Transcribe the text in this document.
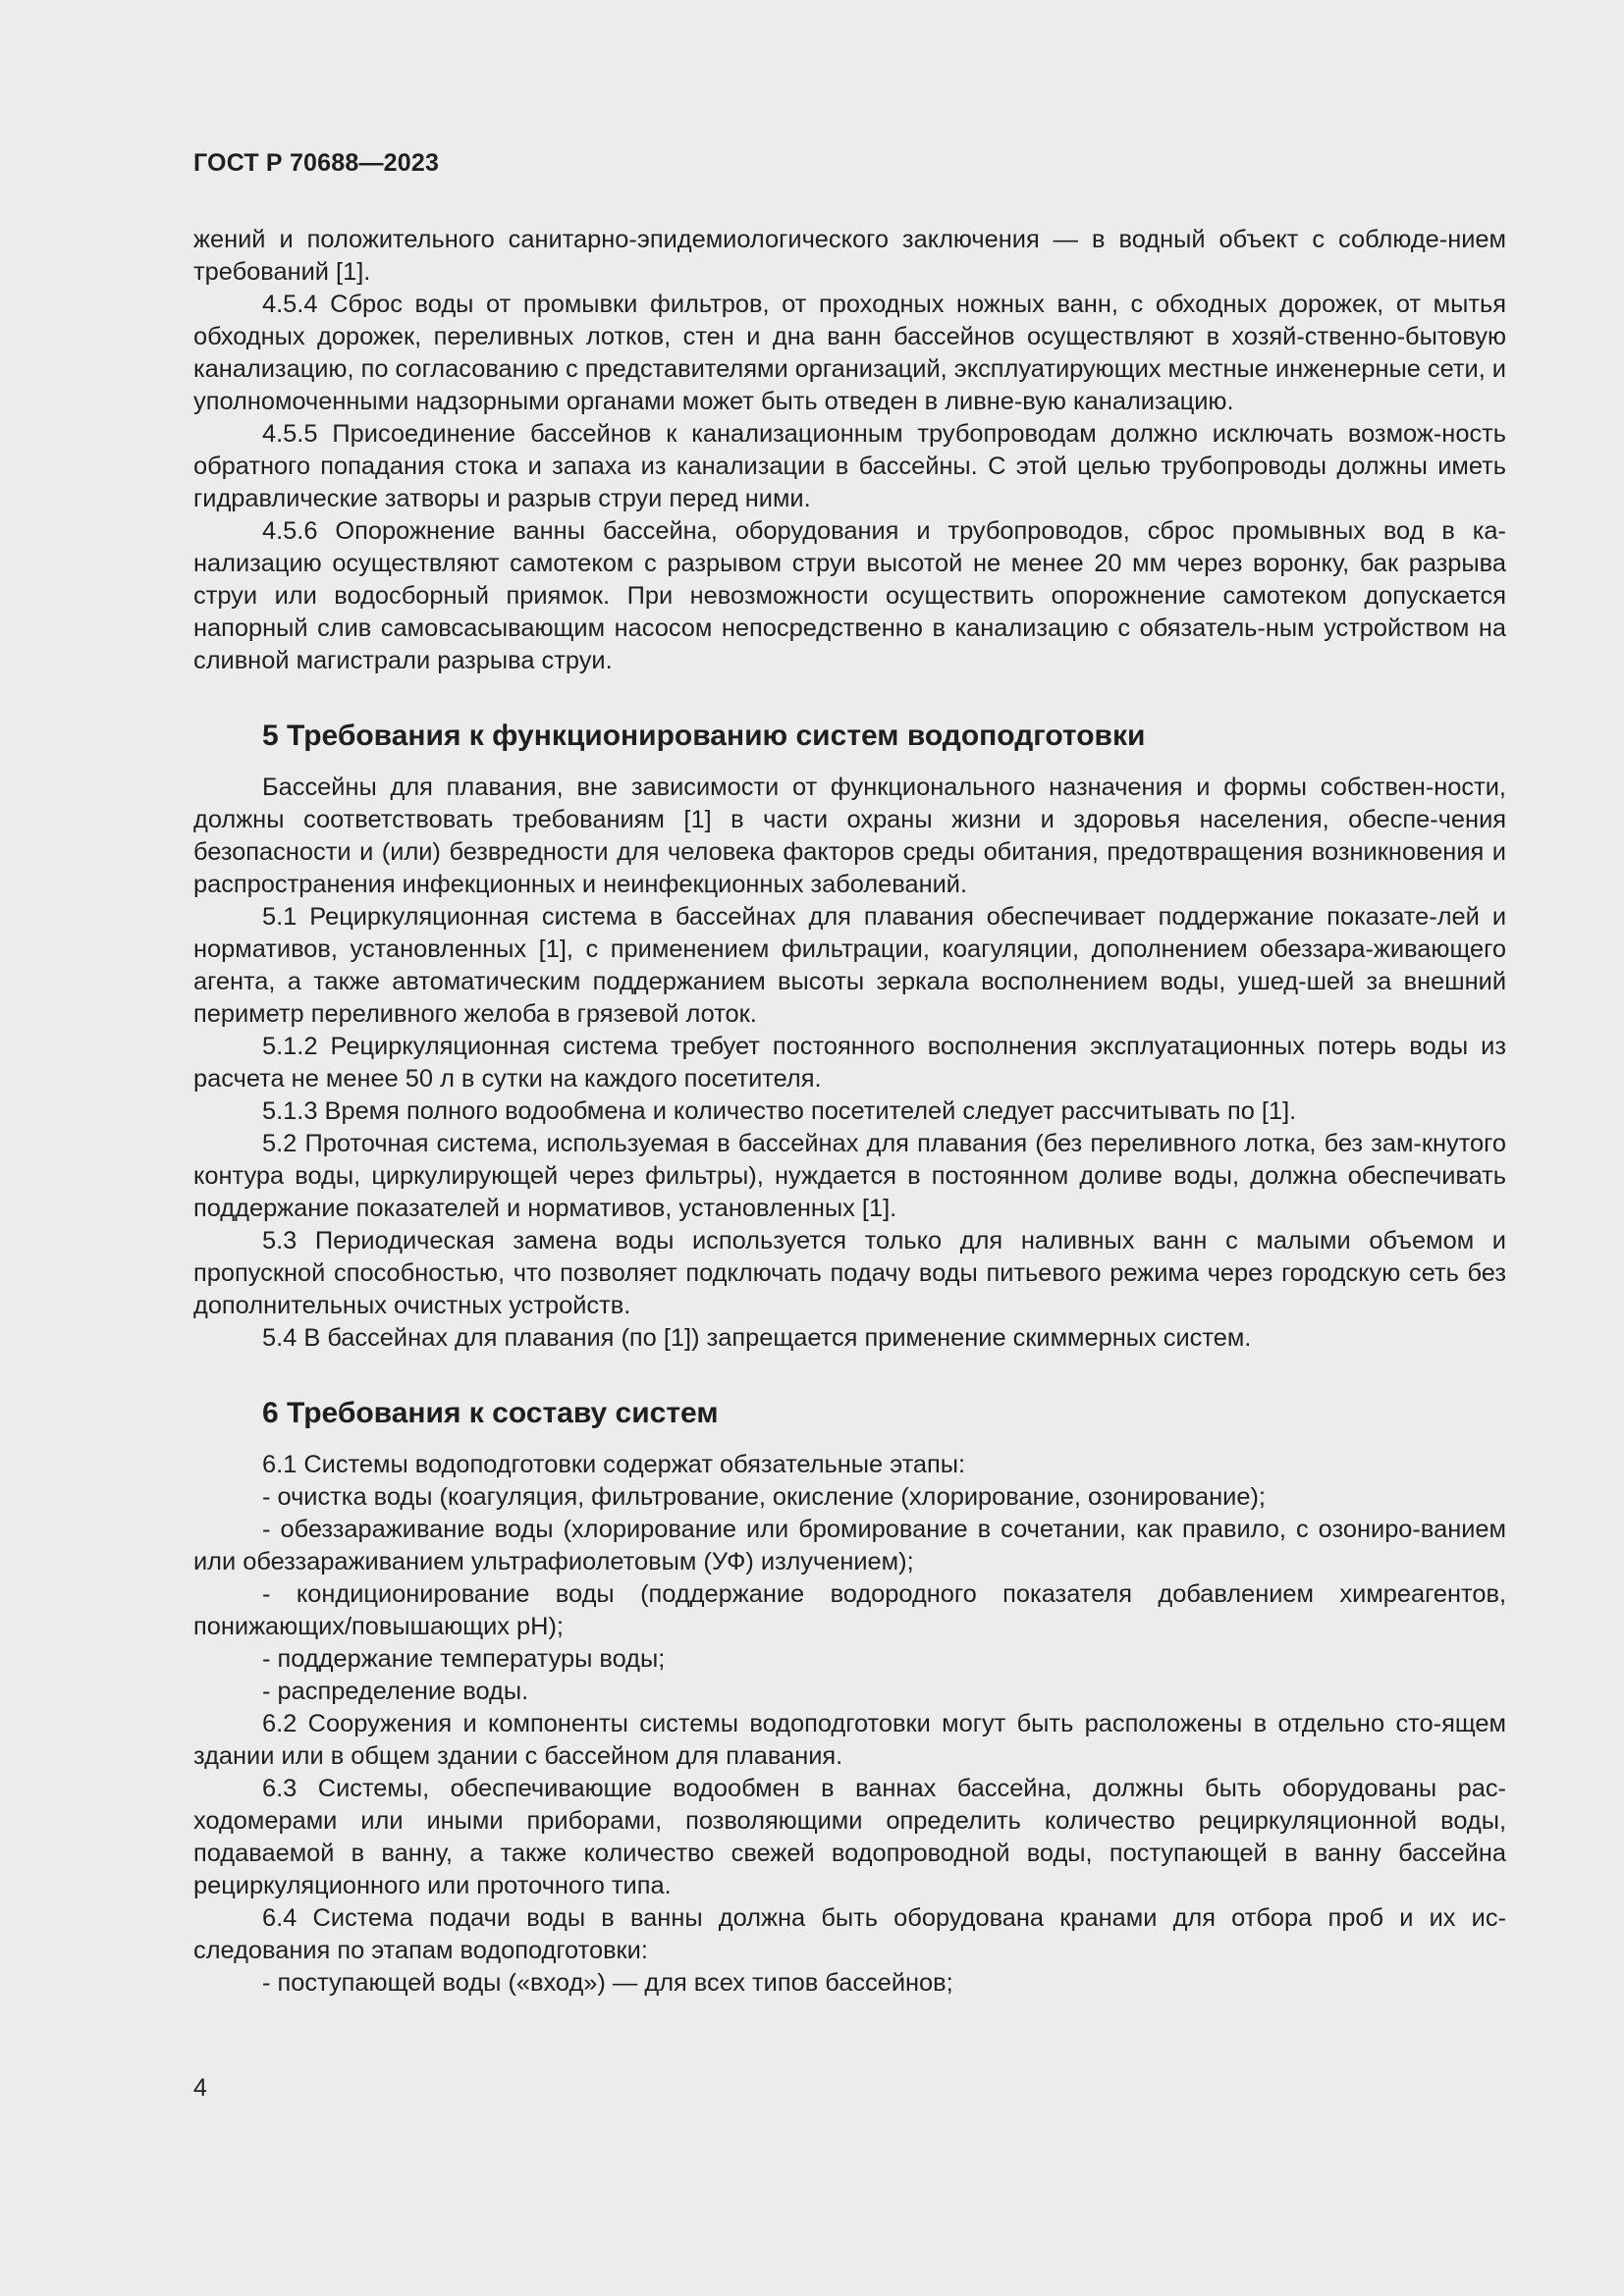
ГОСТ Р 70688—2023

жений и положительного санитарно-эпидемиологического заключения — в водный объект с соблюде-нием требований [1].

4.5.4 Сброс воды от промывки фильтров, от проходных ножных ванн, с обходных дорожек, от мытья обходных дорожек, переливных лотков, стен и дна ванн бассейнов осуществляют в хозяй-ственно-бытовую канализацию, по согласованию с представителями организаций, эксплуатирующих местные инженерные сети, и уполномоченными надзорными органами может быть отведен в ливне-вую канализацию.

4.5.5 Присоединение бассейнов к канализационным трубопроводам должно исключать возмож-ность обратного попадания стока и запаха из канализации в бассейны. С этой целью трубопроводы должны иметь гидравлические затворы и разрыв струи перед ними.

4.5.6 Опорожнение ванны бассейна, оборудования и трубопроводов, сброс промывных вод в ка-нализацию осуществляют самотеком с разрывом струи высотой не менее 20 мм через воронку, бак разрыва струи или водосборный приямок. При невозможности осуществить опорожнение самотеком допускается напорный слив самовсасывающим насосом непосредственно в канализацию с обязатель-ным устройством на сливной магистрали разрыва струи.

5 Требования к функционированию систем водоподготовки

Бассейны для плавания, вне зависимости от функционального назначения и формы собствен-ности, должны соответствовать требованиям [1] в части охраны жизни и здоровья населения, обеспе-чения безопасности и (или) безвредности для человека факторов среды обитания, предотвращения возникновения и распространения инфекционных и неинфекционных заболеваний.

5.1 Рециркуляционная система в бассейнах для плавания обеспечивает поддержание показате-лей и нормативов, установленных [1], с применением фильтрации, коагуляции, дополнением обеззара-живающего агента, а также автоматическим поддержанием высоты зеркала восполнением воды, ушед-шей за внешний периметр переливного желоба в грязевой лоток.

5.1.2 Рециркуляционная система требует постоянного восполнения эксплуатационных потерь воды из расчета не менее 50 л в сутки на каждого посетителя.

5.1.3 Время полного водообмена и количество посетителей следует рассчитывать по [1].

5.2 Проточная система, используемая в бассейнах для плавания (без переливного лотка, без зам-кнутого контура воды, циркулирующей через фильтры), нуждается в постоянном доливе воды, должна обеспечивать поддержание показателей и нормативов, установленных [1].

5.3 Периодическая замена воды используется только для наливных ванн с малыми объемом и пропускной способностью, что позволяет подключать подачу воды питьевого режима через городскую сеть без дополнительных очистных устройств.

5.4 В бассейнах для плавания (по [1]) запрещается применение скиммерных систем.

6 Требования к составу систем

6.1 Системы водоподготовки содержат обязательные этапы:

- очистка воды (коагуляция, фильтрование, окисление (хлорирование, озонирование);

- обеззараживание воды (хлорирование или бромирование в сочетании, как правило, с озониро-ванием или обеззараживанием ультрафиолетовым (УФ) излучением);

- кондиционирование воды (поддержание водородного показателя добавлением химреагентов, понижающих/повышающих pH);

- поддержание температуры воды;

- распределение воды.

6.2 Сооружения и компоненты системы водоподготовки могут быть расположены в отдельно сто-ящем здании или в общем здании с бассейном для плавания.

6.3 Системы, обеспечивающие водообмен в ваннах бассейна, должны быть оборудованы рас-ходомерами или иными приборами, позволяющими определить количество рециркуляционной воды, подаваемой в ванну, а также количество свежей водопроводной воды, поступающей в ванну бассейна рециркуляционного или проточного типа.

6.4 Система подачи воды в ванны должна быть оборудована кранами для отбора проб и их ис-следования по этапам водоподготовки:

- поступающей воды («вход») — для всех типов бассейнов;

4
